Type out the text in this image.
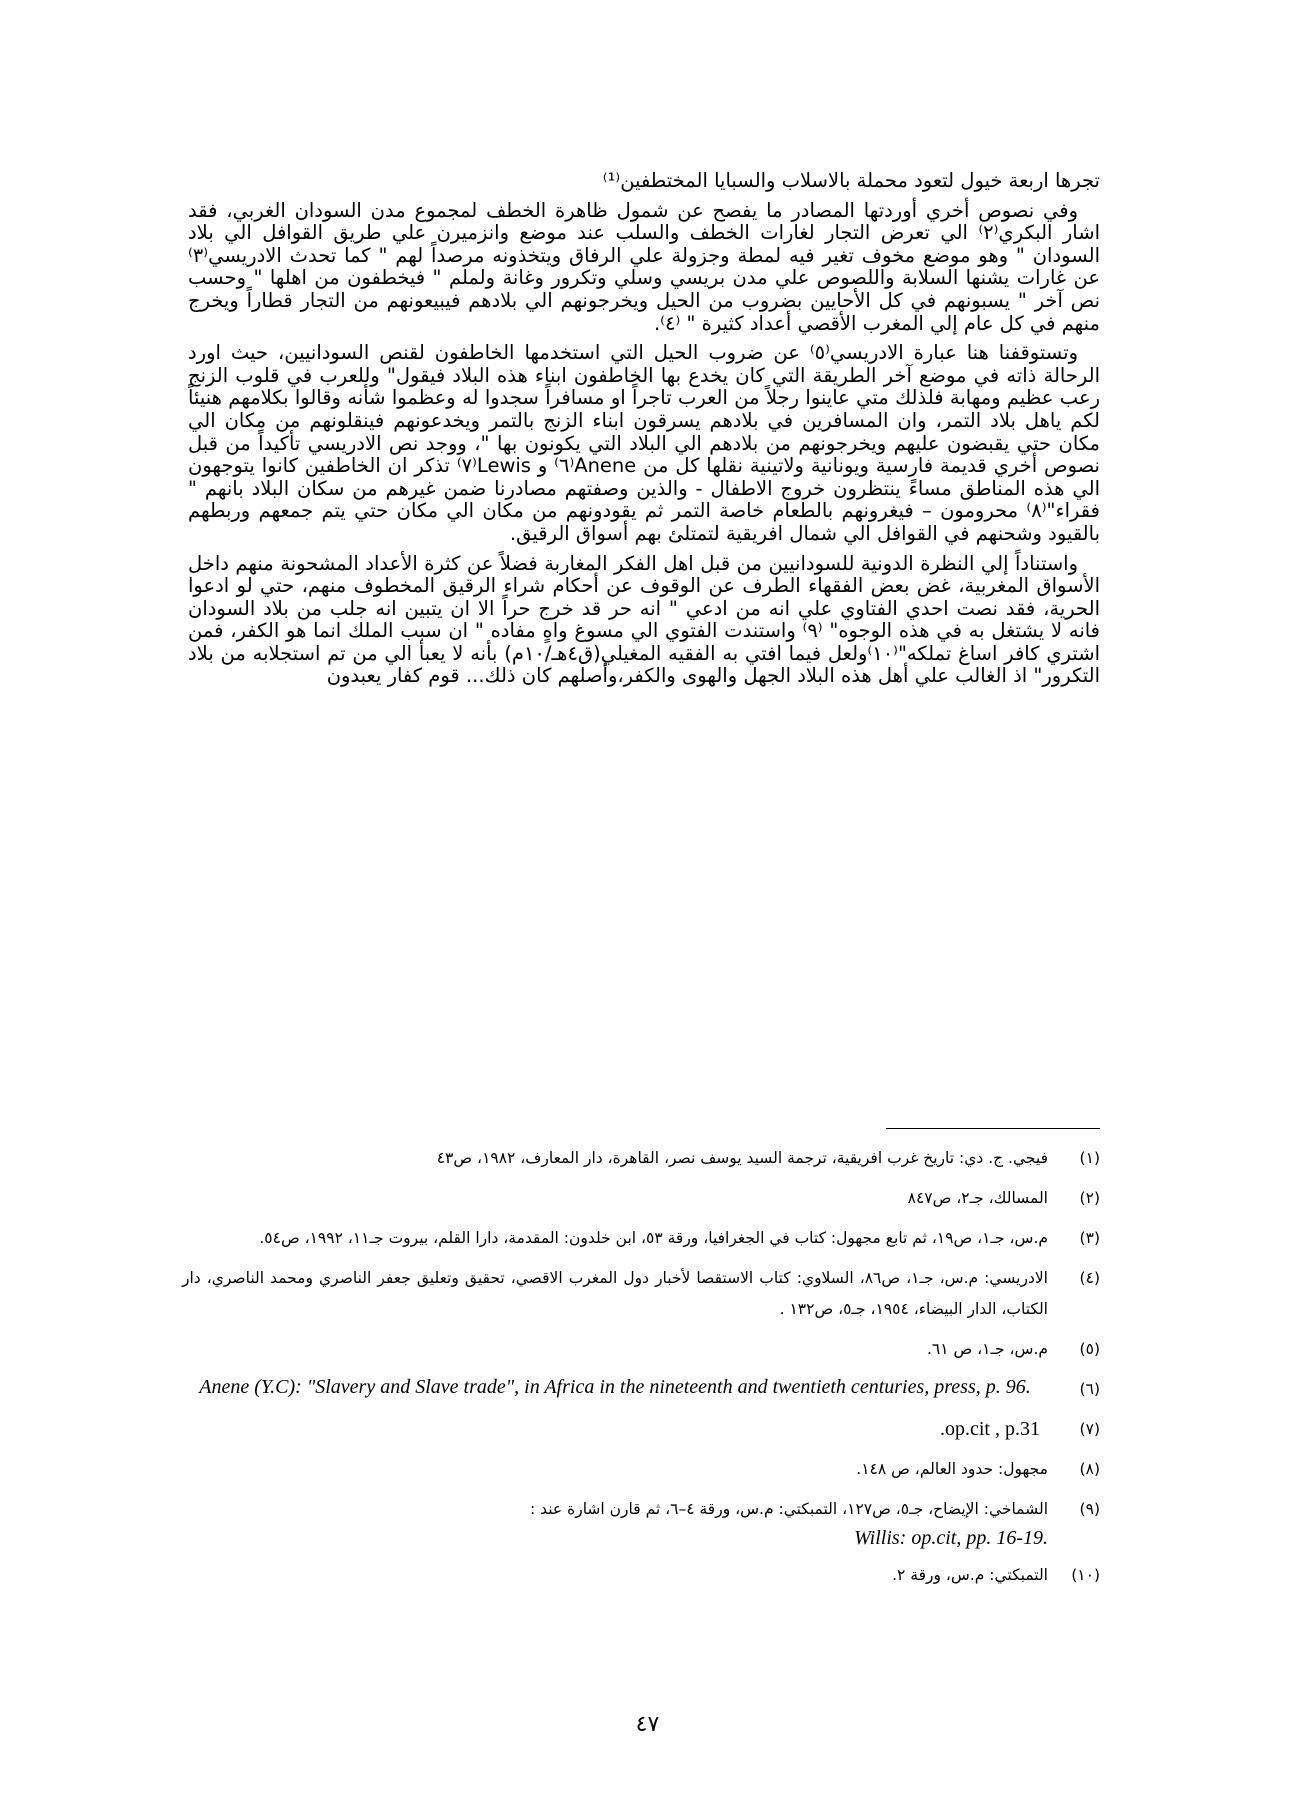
تجرها اربعة خيول لتعود محملة بالاسلاب والسبايا المختطفين⁽¹⁾

وفي نصوص أخري أوردتها المصادر ما يفصح عن شمول ظاهرة الخطف لمجموع مدن السودان الغربي، فقد اشار البكري⁽٢⁾ الي تعرض التجار لغارات الخطف والسلب عند موضع وانزميرن علي طريق القوافل الي بلاد السودان " وهو موضع مخوف تغير فيه لمطة وجزولة علي الرفاق ويتخذونه مرصداً لهم " كما تحدث الادريسي⁽٣⁾ عن غارات يشنها السلابة واللصوص علي مدن بريسي وسلي وتكرور وغانة ولملم " فيخطفون من اهلها " وحسب نص آخر " يسبونهم في كل الأحايين بضروب من الحيل ويخرجونهم الي بلادهم فيبيعونهم من التجار قطاراً ويخرج منهم في كل عام إلي المغرب الأقصي أعداد كثيرة " ⁽٤⁾.

وتستوقفنا هنا عبارة الادريسي⁽٥⁾ عن ضروب الحيل التي استخدمها الخاطفون لقنص السودانيين، حيث اورد الرحالة ذاته في موضع آخر الطريقة التي كان يخدع بها الخاطفون ابناء هذه البلاد فيقول" وللعرب في قلوب الزنج رعب عظيم ومهابة فلذلك متي عاينوا رجلاً من العرب تاجراً او مسافراً سجدوا له وعظموا شأنه وقالوا بكلامهم هنيئاً لكم ياهل بلاد التمر، وان المسافرين في بلادهم يسرقون ابناء الزنج بالتمر ويخدعونهم فينقلونهم من مكان الي مكان حتي يقبضون عليهم ويخرجونهم من بلادهم الي البلاد التي يكونون بها "، ووجد نص الادريسي تأكيداً من قبل نصوص أخري قديمة فارسية ويونانية ولاتينية نقلها كل من Anene⁽٦⁾ و Lewis⁽٧⁾ تذكر ان الخاطفين كانوا يتوجهون الي هذه المناطق مساءً ينتظرون خروج الاطفال - والذين وصفتهم مصادرنا ضمن غيرهم من سكان البلاد بانهم " فقراء"⁽٨⁾ محرومون – فيغرونهم بالطعام خاصة التمر ثم يقودونهم من مكان الي مكان حتي يتم جمعهم وربطهم بالقيود وشحنهم في القوافل الي شمال افريقية لتمتلئ بهم أسواق الرقيق.

واستناداً إلي النظرة الدونية للسودانيين من قبل اهل الفكر المغاربة فضلاً عن كثرة الأعداد المشحونة منهم داخل الأسواق المغربية، غض بعض الفقهاء الطرف عن الوقوف عن أحكام شراء الرقيق المخطوف منهم، حتي لو ادعوا الحرية، فقد نصت احدي الفتاوي علي انه من ادعي " انه حر قد خرج حراً الا ان يتبين انه جلب من بلاد السودان فانه لا يشتغل به في هذه الوجوه" ⁽٩⁾ واستندت الفتوي الي مسوغ واهٍ مفاده " ان سبب الملك انما هو الكفر، فمن اشتري كافر اساغ تملكه"⁽١٠⁾ولعل فيما افتي به الفقيه المغيلي(ق٤هـ/١٠م) بأنه لا يعبأ الي من تم استجلابه من بلاد التكرور" اذ الغالب علي أهل هذه البلاد الجهل والهوى والكفر،وأصلهم كان ذلك... قوم كفار يعبدون

(١)
فيجي. ج. دي: تاريخ غرب افريقية، ترجمة السيد يوسف نصر، القاهرة، دار المعارف، ١٩٨٢، ص٤٣
(٢)
المسالك، جـ٢، ص٨٤٧
(٣)
م.س، جـ١، ص١٩، ثم تابع مجهول: كتاب في الجغرافيا، ورقة ٥٣، ابن خلدون: المقدمة، دارا القلم، بيروت جـ١١، ١٩٩٢، ص٥٤.
(٤)
الادريسي: م.س، جـ١، ص٨٦، السلاوي: كتاب الاستقصا لأخبار دول المغرب الاقصي، تحقيق وتعليق جعفر الناصري ومحمد الناصري، دار الكتاب، الدار البيضاء، ١٩٥٤، جـ٥، ص١٣٢ .
(٥)
م.س، جـ١، ص ٦١.
(٦)
Anene (Y.C): "Slavery and Slave trade", in Africa in the nineteenth and twentieth centuries, press, p. 96.
(٧)
op.cit , p.31.
(٨)
مجهول: حدود العالم، ص ١٤٨.
(٩)
الشماخي: الإيضاح، جـ٥، ص١٢٧، التمبكتي: م.س، ورقة ٤–٦، ثم قارن اشارة عند :
Willis: op.cit, pp. 16-19.
(١٠)
التمبكتي: م.س، ورقة ٢.
٤٧
